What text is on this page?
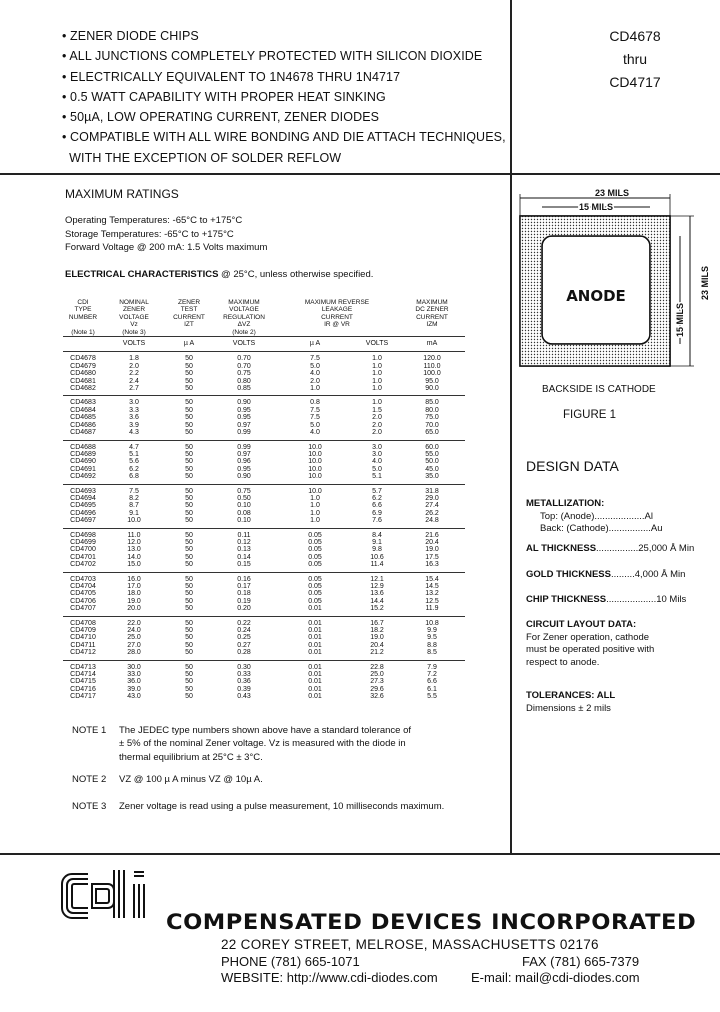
• ZENER DIODE CHIPS
• ALL JUNCTIONS COMPLETELY PROTECTED WITH SILICON DIOXIDE
• ELECTRICALLY EQUIVALENT TO 1N4678 THRU 1N4717
• 0.5 WATT CAPABILITY WITH PROPER HEAT SINKING
• 50µA, LOW OPERATING CURRENT, ZENER DIODES
• COMPATIBLE WITH ALL WIRE BONDING AND DIE ATTACH TECHNIQUES,
WITH THE EXCEPTION OF SOLDER REFLOW
CD4678
thru
CD4717
MAXIMUM RATINGS
Operating Temperatures: -65°C to +175°C
Storage Temperatures: -65°C to +175°C
Forward Voltage @ 200 mA: 1.5 Volts maximum
ELECTRICAL CHARACTERISTICS @ 25°C, unless otherwise specified.
CDI	NOMINAL	ZENER	MAXIMUM	MAXIMUM REVERSE		MAXIMUM
TYPE	ZENER	TEST	VOLTAGE	LEAKAGE		DC ZENER
NUMBER	VOLTAGE	CURRENT	REGULATION	CURRENT		CURRENT
	Vz	IZT	ΔVZ	IR @ VR		IZM
(Note 1)	(Note 3)		(Note 2)			
	VOLTS	µ A	VOLTS	µ A	VOLTS	mA
CD4678	1.8	50	0.70	7.5	1.0	120.0
CD4679	2.0	50	0.70	5.0	1.0	110.0
CD4680	2.2	50	0.75	4.0	1.0	100.0
CD4681	2.4	50	0.80	2.0	1.0	95.0
CD4682	2.7	50	0.85	1.0	1.0	90.0
CD4683	3.0	50	0.90	0.8	1.0	85.0
CD4684	3.3	50	0.95	7.5	1.5	80.0
CD4685	3.6	50	0.95	7.5	2.0	75.0
CD4686	3.9	50	0.97	5.0	2.0	70.0
CD4687	4.3	50	0.99	4.0	2.0	65.0
CD4688	4.7	50	0.99	10.0	3.0	60.0
CD4689	5.1	50	0.97	10.0	3.0	55.0
CD4690	5.6	50	0.96	10.0	4.0	50.0
CD4691	6.2	50	0.95	10.0	5.0	45.0
CD4692	6.8	50	0.90	10.0	5.1	35.0
CD4693	7.5	50	0.75	10.0	5.7	31.8
CD4694	8.2	50	0.50	1.0	6.2	29.0
CD4695	8.7	50	0.10	1.0	6.6	27.4
CD4696	9.1	50	0.08	1.0	6.9	26.2
CD4697	10.0	50	0.10	1.0	7.6	24.8
CD4698	11.0	50	0.11	0.05	8.4	21.6
CD4699	12.0	50	0.12	0.05	9.1	20.4
CD4700	13.0	50	0.13	0.05	9.8	19.0
CD4701	14.0	50	0.14	0.05	10.6	17.5
CD4702	15.0	50	0.15	0.05	11.4	16.3
CD4703	16.0	50	0.16	0.05	12.1	15.4
CD4704	17.0	50	0.17	0.05	12.9	14.5
CD4705	18.0	50	0.18	0.05	13.6	13.2
CD4706	19.0	50	0.19	0.05	14.4	12.5
CD4707	20.0	50	0.20	0.01	15.2	11.9
CD4708	22.0	50	0.22	0.01	16.7	10.8
CD4709	24.0	50	0.24	0.01	18.2	9.9
CD4710	25.0	50	0.25	0.01	19.0	9.5
CD4711	27.0	50	0.27	0.01	20.4	8.8
CD4712	28.0	50	0.28	0.01	21.2	8.5
CD4713	30.0	50	0.30	0.01	22.8	7.9
CD4714	33.0	50	0.33	0.01	25.0	7.2
CD4715	36.0	50	0.36	0.01	27.3	6.6
CD4716	39.0	50	0.39	0.01	29.6	6.1
CD4717	43.0	50	0.43	0.01	32.6	5.5
NOTE 1 The JEDEC type numbers shown above have a standard tolerance of
± 5% of the nominal Zener voltage. Vz is measured with the diode in
thermal equilibrium at 25°C ± 3°C.
NOTE 2 VZ @ 100 µ A minus VZ @ 10µ A.
NOTE 3 Zener voltage is read using a pulse measurement, 10 milliseconds maximum.
23 MILS
15 MILS
23 MILS
15 MILS
ANODE
BACKSIDE IS CATHODE
FIGURE 1
DESIGN DATA
METALLIZATION:
Top: (Anode)...................Al
Back: (Cathode)................Au
AL THICKNESS................25,000 Å Min
GOLD THICKNESS.........4,000 Å Min
CHIP THICKNESS...................10 Mils
CIRCUIT LAYOUT DATA:
For Zener operation, cathode
must be operated positive with
respect to anode.
TOLERANCES: ALL
Dimensions ± 2 mils
COMPENSATED DEVICES INCORPORATED
22 COREY STREET, MELROSE, MASSACHUSETTS 02176
PHONE (781) 665-1071	FAX (781) 665-7379
WEBSITE: http://www.cdi-diodes.com	E-mail: mail@cdi-diodes.com
